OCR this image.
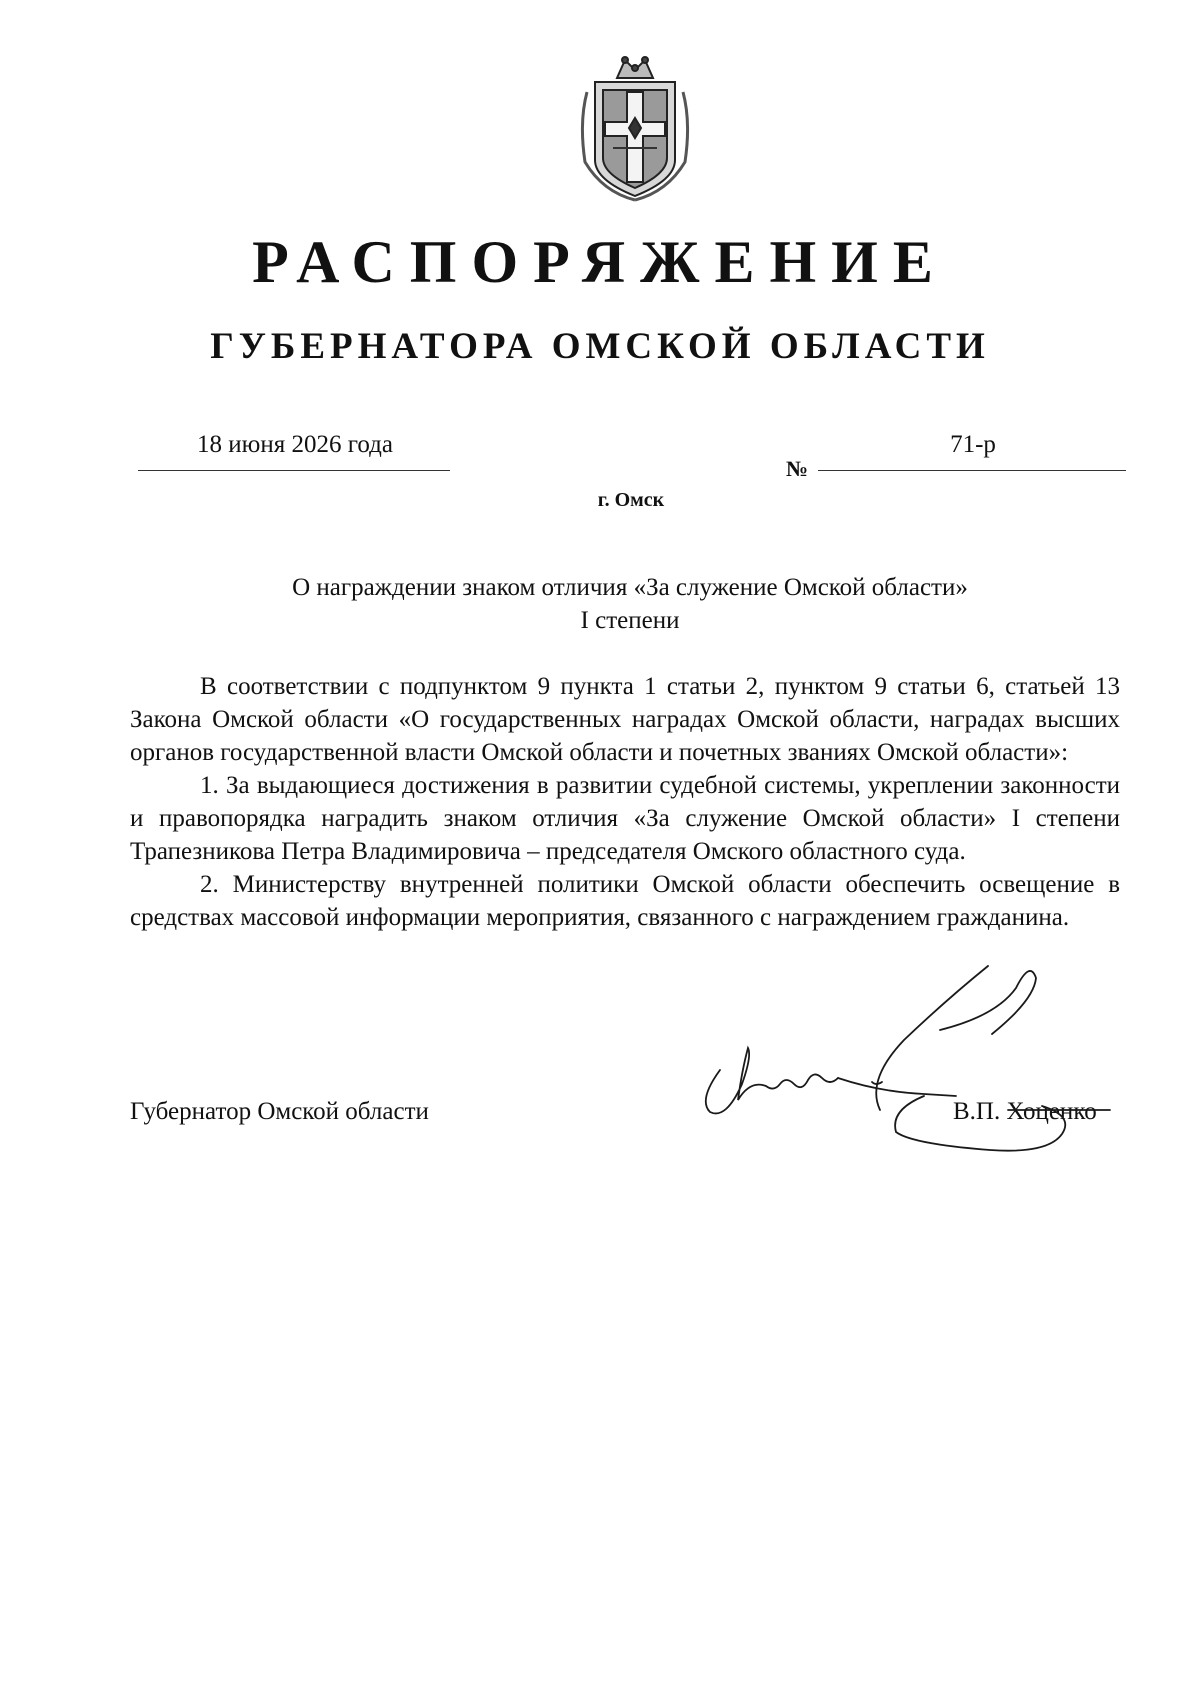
РАСПОРЯЖЕНИЕ
ГУБЕРНАТОРА ОМСКОЙ ОБЛАСТИ
18 июня 2026 года
№
71-р
г. Омск
О награждении знаком отличия «За служение Омской области»
I степени

В соответствии с подпунктом 9 пункта 1 статьи 2, пунктом 9 статьи 6, статьей 13 Закона Омской области «О государственных наградах Омской области, наградах высших органов государственной власти Омской области и почетных званиях Омской области»:

1. За выдающиеся достижения в развитии судебной системы, укреплении законности и правопорядка наградить знаком отличия «За служение Омской области» I степени Трапезникова Петра Владимировича – председателя Омского областного суда.

2. Министерству внутренней политики Омской области обеспечить освещение в средствах массовой информации мероприятия, связанного с награждением гражданина.

Губернатор Омской области	В.П. Хоценко
